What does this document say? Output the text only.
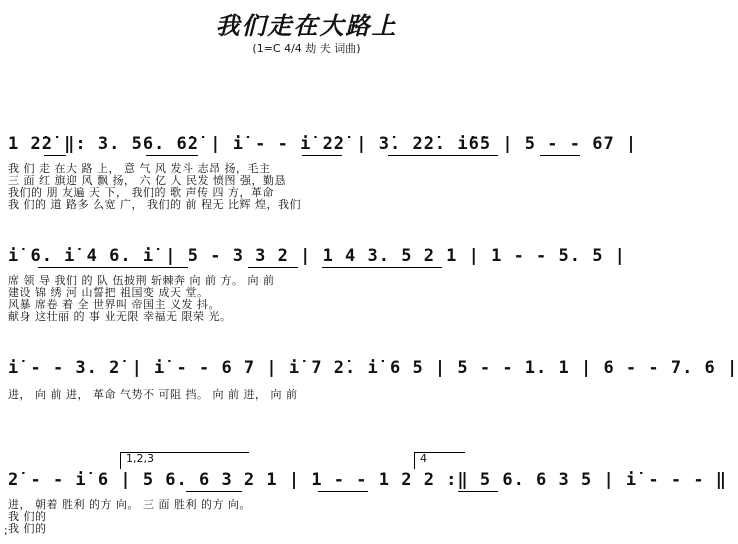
我们走在大路上
(1=C 4/4 劫 夫 词曲)
1 2̇2̇ ‖: 3. 56. 6̇2̇ | i̇ - - i̇ 2̇2̇ | 3̇. 2̇2̇. i̇6̇5 | 5 - - 67 |
我 们 走 在大 路 上， 意 气 风 发斗 志昂 扬，毛主
三 面 红 旗迎 风 飘 扬， 六 亿 人 民发 愤图 强，勤恳
我们的 朋 友遍 天 下， 我们的 歌 声传 四 方，革命
我 们的 道 路多 么宽 广， 我们的 前 程无 比辉 煌，我们
i̇ 6. i̇ 4 6. i̇ | 5 - 3 3 2 | 1 4 3. 5 2 1 | 1 - - 5. 5 |
席 领 导 我们 的 队 伍披荆 斩棘奔 向 前 方。 向 前
建设 锦 绣 河 山誓把 祖国变 成天 堂。
风暴 席卷 着 全 世界叫 帝国主 义发 抖。
献身 这壮丽 的 事 业无限 幸福无 限荣 光。
i̇ - - 3. 2̇ | i̇ - - 6 7 | i̇ 7 2̇. i̇ 6 5 | 5 - - 1. 1 | 6 - - 7. 6 |
进， 向 前 进， 革命 气势不 可阻 挡。 向 前 进， 向 前
1,2,3	4
2̇ - - i̇ 6 | 5 6. 6 3 2 1 | 1 - - 1 2 2 :‖ 5 6. 6 3 5 | i̇ - - - ‖
进， 朝着 胜利 的方 向。 三 面 胜利 的方 向。
我 们的
我 们的
;
